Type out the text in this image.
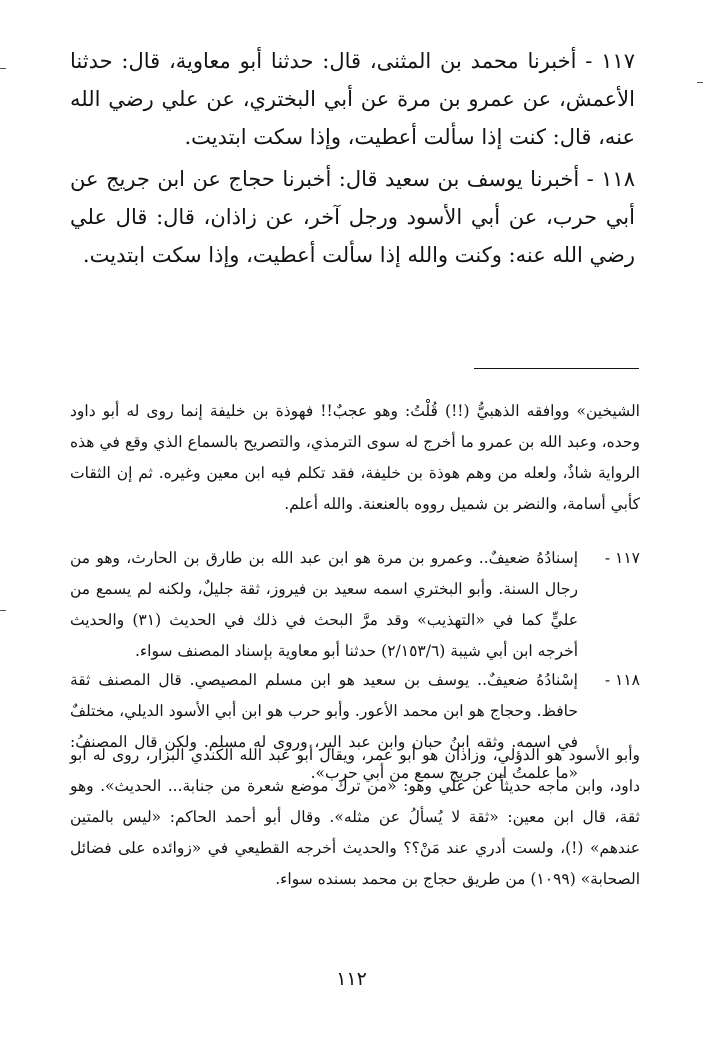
١١٧ - أخبرنا محمد بن المثنى، قال: حدثنا أبو معاوية، قال: حدثنا الأعمش، عن عمرو بن مرة عن أبي البختري، عن علي رضي الله عنه، قال: كنت إذا سألت أعطيت، وإذا سكت ابتديت.

١١٨ - أخبرنا يوسف بن سعيد قال: أخبرنا حجاج عن ابن جريج عن أبي حرب، عن أبي الأسود ورجل آخر، عن زاذان، قال: قال علي رضي الله عنه: وكنت والله إذا سألت أعطيت، وإذا سكت ابتديت.

الشيخين» ووافقه الذهبيُّ (!!) قُلْتُ: وهو عجبٌ!! فهوذة بن خليفة إنما روى له أبو داود وحده، وعبد الله بن عمرو ما أخرج له سوى الترمذي، والتصريح بالسماع الذي وقع في هذه الرواية شاذٌ، ولعله من وهم هوذة بن خليفة، فقد تكلم فيه ابن معين وغيره. ثم إن الثقات كأبي أسامة، والنضر بن شميل رووه بالعنعنة. والله أعلم.
١١٧ -
إسنادُهُ ضعيفٌ.. وعمرو بن مرة هو ابن عبد الله بن طارق بن الحارث، وهو من رجال السنة. وأبو البختري اسمه سعيد بن فيروز، ثقة جليلٌ، ولكنه لم يسمع من عليٍّ كما في «التهذيب» وقد مرَّ البحث في ذلك في الحديث (٣١) والحديث أخرجه ابن أبي شيبة (٢/١٥٣/٦) حدثنا أبو معاوية بإسناد المصنف سواء.
١١٨ -
إسْنادُهُ ضعيفٌ.. يوسف بن سعيد هو ابن مسلم المصيصي. قال المصنف ثقة حافظ. وحجاج هو ابن محمد الأعور. وأبو حرب هو ابن أبي الأسود الديلي، مختلفٌ في اسمه. وثقه ابنُ حبان وابن عبد البر، وروى له مسلم. ولكن قال المصنفُ: «ما علمتُ ابن جريج سمع من أبي حرب».
وأبو الأسود هو الدؤلي، وزاذان هو أبو عمر، ويقال أبو عبد الله الكندي البزار، روى له أبو داود، وابن ماجه حديثاً عن علي وهو: «من ترك موضع شعرة من جنابة... الحديث». وهو ثقة، قال ابن معين: «ثقة لا يُسألُ عن مثله». وقال أبو أحمد الحاكم: «ليس بالمتين عندهم» (!)، ولست أدري عند مَنْ؟؟ والحديث أخرجه القطيعي في «زوائده على فضائل الصحابة» (١٠٩٩) من طريق حجاج بن محمد بسنده سواء.
١١٢
